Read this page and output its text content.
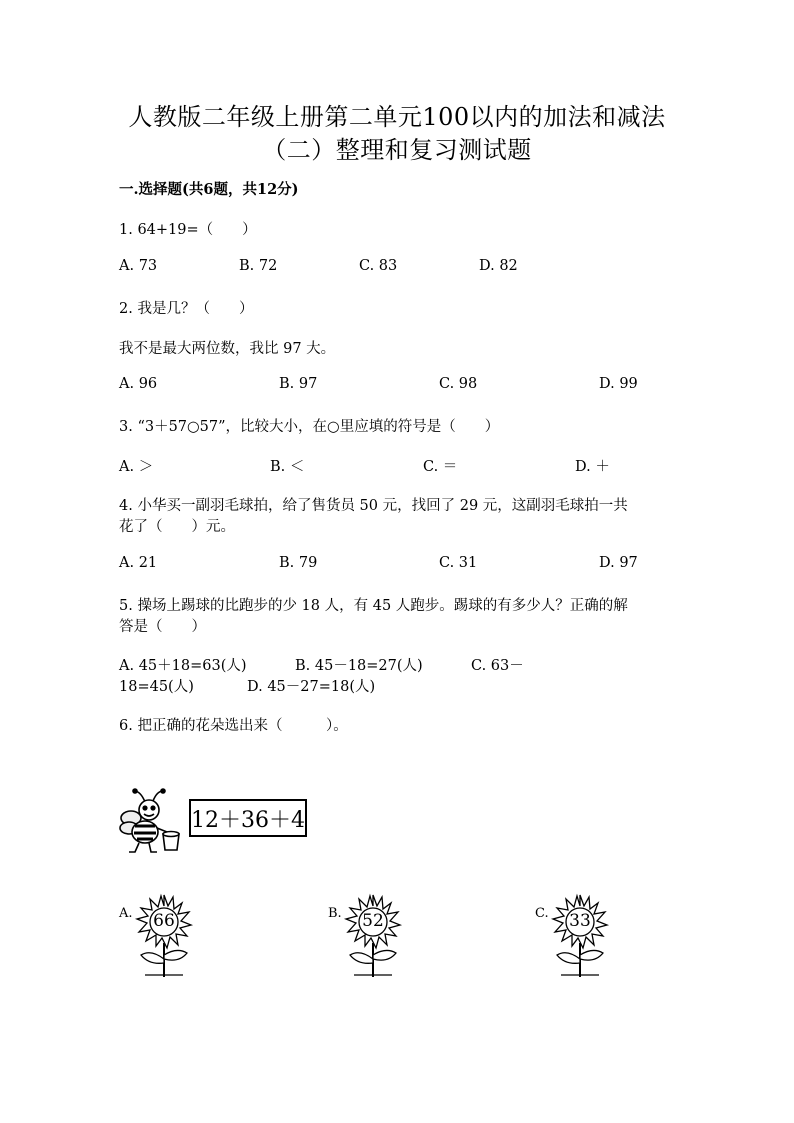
人教版二年级上册第二单元100以内的加法和减法
（二）整理和复习测试题
一.选择题(共6题，共12分)
1. 64+19=（　　）
A. 73	B. 72	C. 83	D. 82
2. 我是几？（　　）
我不是最大两位数，我比 97 大。
A. 96	B. 97	C. 98	D. 99
3. “3＋57○57”，比较大小，在○里应填的符号是（　　）
A. ＞	B. ＜	C. ＝	D. ＋
4. 小华买一副羽毛球拍，给了售货员 50 元，找回了 29 元，这副羽毛球拍一共
花了（　　）元。
A. 21	B. 79	C. 31	D. 97
5. 操场上踢球的比跑步的少 18 人，有 45 人跑步。踢球的有多少人？正确的解
答是（　　）
A. 45＋18=63(人)	B. 45－18=27(人)	C. 63－
18=45(人)	D. 45－27=18(人)
6. 把正确的花朵选出来（　　　）。
12＋36＋4
A. 66	B. 52	C. 33
